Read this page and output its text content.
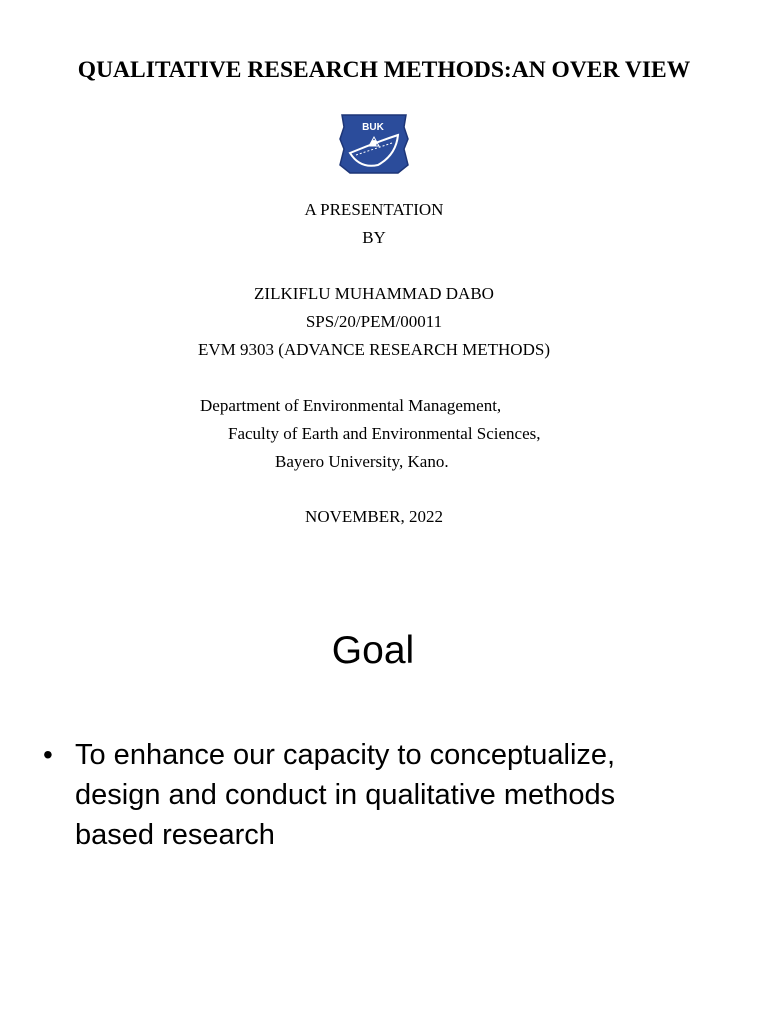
QUALITATIVE RESEARCH METHODS:AN OVER VIEW
BUK
A PRESENTATION
BY
ZILKIFLU MUHAMMAD DABO
SPS/20/PEM/00011
EVM 9303 (ADVANCE RESEARCH METHODS)
Department of Environmental Management,
Faculty of Earth and Environmental Sciences,
Bayero University, Kano.
NOVEMBER, 2022
Goal
• To enhance our capacity to conceptualize, design and conduct in qualitative methods based research
